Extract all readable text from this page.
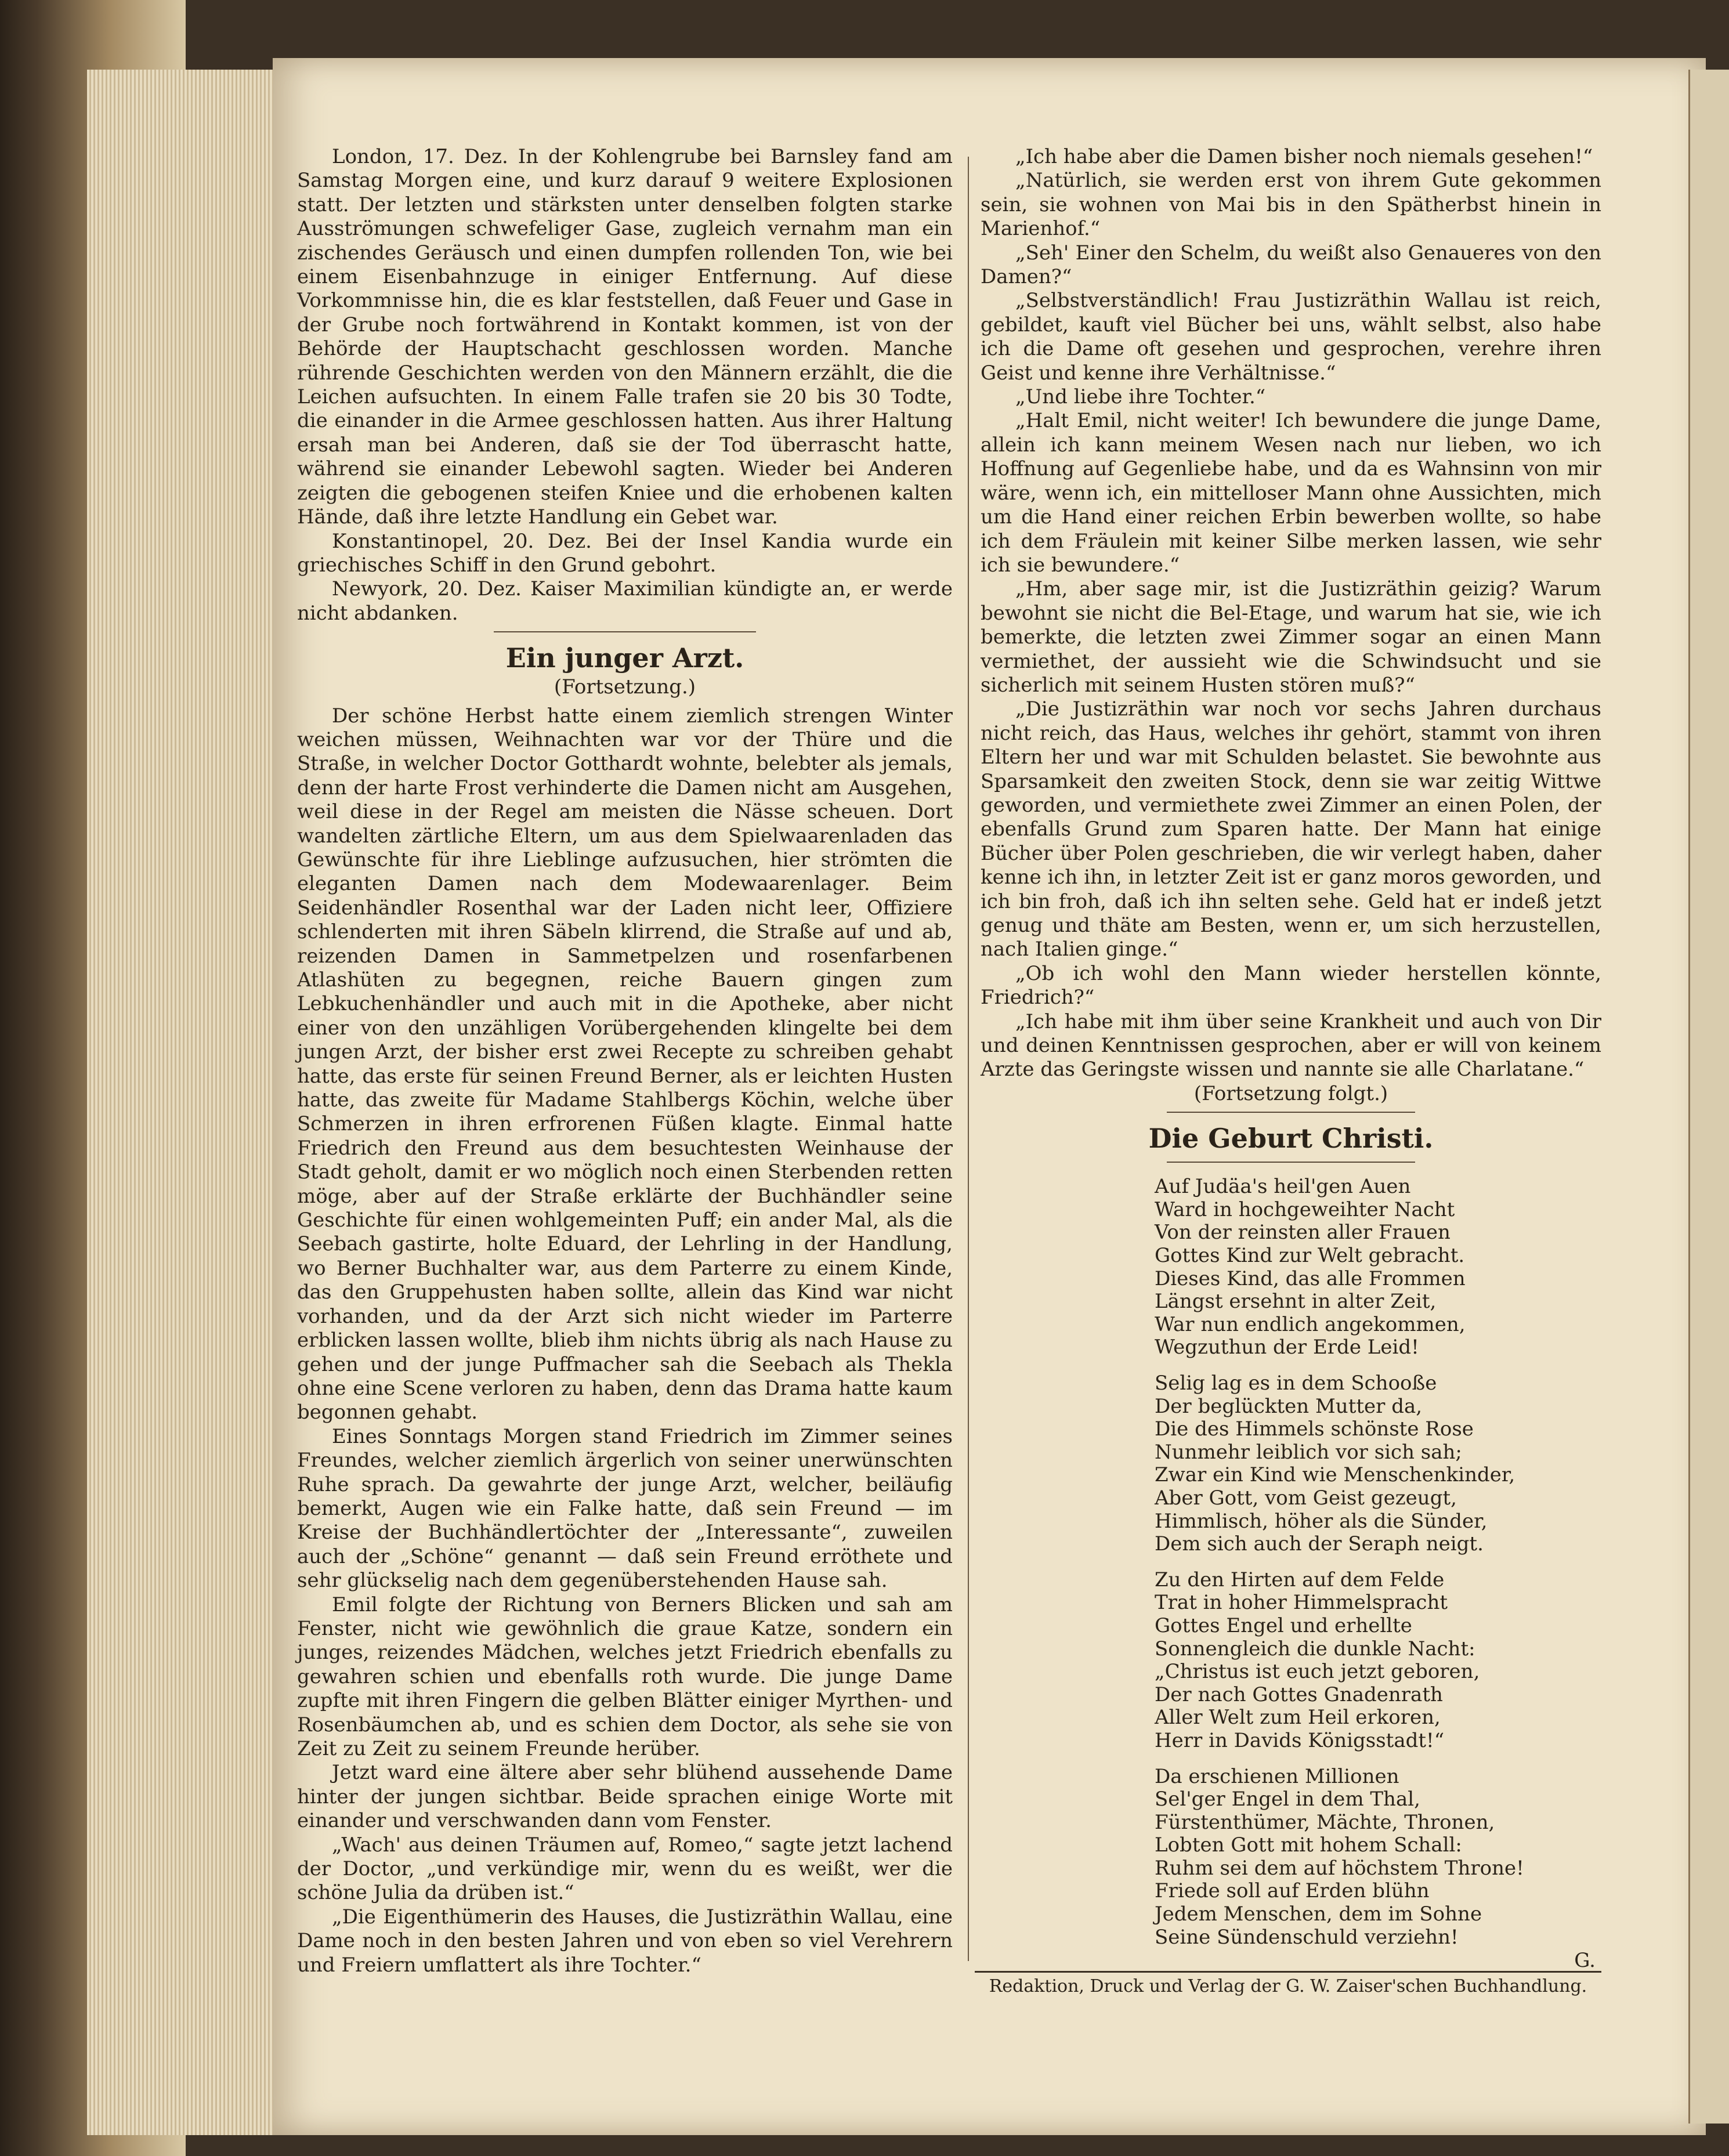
London, 17. Dez. In der Kohlengrube bei Barnsley fand am Samstag Morgen eine, und kurz darauf 9 weitere Explosionen statt. Der letzten und stärksten unter denselben folgten starke Ausströmungen schwefeliger Gase, zugleich vernahm man ein zischendes Geräusch und einen dumpfen rollenden Ton, wie bei einem Eisenbahnzuge in einiger Entfernung. Auf diese Vorkommnisse hin, die es klar feststellen, daß Feuer und Gase in der Grube noch fortwährend in Kontakt kommen, ist von der Behörde der Hauptschacht geschlossen worden. Manche rührende Geschichten werden von den Männern erzählt, die die Leichen aufsuchten. In einem Falle trafen sie 20 bis 30 Todte, die einander in die Armee geschlossen hatten. Aus ihrer Haltung ersah man bei Anderen, daß sie der Tod überrascht hatte, während sie einander Lebewohl sagten. Wieder bei Anderen zeigten die gebogenen steifen Kniee und die erhobenen kalten Hände, daß ihre letzte Handlung ein Gebet war.

Konstantinopel, 20. Dez. Bei der Insel Kandia wurde ein griechisches Schiff in den Grund gebohrt.

Newyork, 20. Dez. Kaiser Maximilian kündigte an, er werde nicht abdanken.

Ein junger Arzt.
(Fortsetzung.)

Der schöne Herbst hatte einem ziemlich strengen Winter weichen müssen, Weihnachten war vor der Thüre und die Straße, in welcher Doctor Gotthardt wohnte, belebter als jemals, denn der harte Frost verhinderte die Damen nicht am Ausgehen, weil diese in der Regel am meisten die Nässe scheuen. Dort wandelten zärtliche Eltern, um aus dem Spielwaarenladen das Gewünschte für ihre Lieblinge aufzusuchen, hier strömten die eleganten Damen nach dem Modewaarenlager. Beim Seidenhändler Rosenthal war der Laden nicht leer, Offiziere schlenderten mit ihren Säbeln klirrend, die Straße auf und ab, reizenden Damen in Sammetpelzen und rosenfarbenen Atlashüten zu begegnen, reiche Bauern gingen zum Lebkuchenhändler und auch mit in die Apotheke, aber nicht einer von den unzähligen Vorübergehenden klingelte bei dem jungen Arzt, der bisher erst zwei Recepte zu schreiben gehabt hatte, das erste für seinen Freund Berner, als er leichten Husten hatte, das zweite für Madame Stahlbergs Köchin, welche über Schmerzen in ihren erfrorenen Füßen klagte. Einmal hatte Friedrich den Freund aus dem besuchtesten Weinhause der Stadt geholt, damit er wo möglich noch einen Sterbenden retten möge, aber auf der Straße erklärte der Buchhändler seine Geschichte für einen wohlgemeinten Puff; ein ander Mal, als die Seebach gastirte, holte Eduard, der Lehrling in der Handlung, wo Berner Buchhalter war, aus dem Parterre zu einem Kinde, das den Gruppehusten haben sollte, allein das Kind war nicht vorhanden, und da der Arzt sich nicht wieder im Parterre erblicken lassen wollte, blieb ihm nichts übrig als nach Hause zu gehen und der junge Puffmacher sah die Seebach als Thekla ohne eine Scene verloren zu haben, denn das Drama hatte kaum begonnen gehabt.

Eines Sonntags Morgen stand Friedrich im Zimmer seines Freundes, welcher ziemlich ärgerlich von seiner unerwünschten Ruhe sprach. Da gewahrte der junge Arzt, welcher, beiläufig bemerkt, Augen wie ein Falke hatte, daß sein Freund — im Kreise der Buchhändlertöchter der „Interessante“, zuweilen auch der „Schöne“ genannt — daß sein Freund erröthete und sehr glückselig nach dem gegenüberstehenden Hause sah.

Emil folgte der Richtung von Berners Blicken und sah am Fenster, nicht wie gewöhnlich die graue Katze, sondern ein junges, reizendes Mädchen, welches jetzt Friedrich ebenfalls zu gewahren schien und ebenfalls roth wurde. Die junge Dame zupfte mit ihren Fingern die gelben Blätter einiger Myrthen- und Rosenbäumchen ab, und es schien dem Doctor, als sehe sie von Zeit zu Zeit zu seinem Freunde herüber.

Jetzt ward eine ältere aber sehr blühend aussehende Dame hinter der jungen sichtbar. Beide sprachen einige Worte mit einander und verschwanden dann vom Fenster.

„Wach' aus deinen Träumen auf, Romeo,“ sagte jetzt lachend der Doctor, „und verkündige mir, wenn du es weißt, wer die schöne Julia da drüben ist.“

„Die Eigenthümerin des Hauses, die Justizräthin Wallau, eine Dame noch in den besten Jahren und von eben so viel Verehrern und Freiern umflattert als ihre Tochter.“

„Ich habe aber die Damen bisher noch niemals gesehen!“

„Natürlich, sie werden erst von ihrem Gute gekommen sein, sie wohnen von Mai bis in den Spätherbst hinein in Marienhof.“

„Seh' Einer den Schelm, du weißt also Genaueres von den Damen?“

„Selbstverständlich! Frau Justizräthin Wallau ist reich, gebildet, kauft viel Bücher bei uns, wählt selbst, also habe ich die Dame oft gesehen und gesprochen, verehre ihren Geist und kenne ihre Verhältnisse.“

„Und liebe ihre Tochter.“

„Halt Emil, nicht weiter! Ich bewundere die junge Dame, allein ich kann meinem Wesen nach nur lieben, wo ich Hoffnung auf Gegenliebe habe, und da es Wahnsinn von mir wäre, wenn ich, ein mittelloser Mann ohne Aussichten, mich um die Hand einer reichen Erbin bewerben wollte, so habe ich dem Fräulein mit keiner Silbe merken lassen, wie sehr ich sie bewundere.“

„Hm, aber sage mir, ist die Justizräthin geizig? Warum bewohnt sie nicht die Bel-Etage, und warum hat sie, wie ich bemerkte, die letzten zwei Zimmer sogar an einen Mann vermiethet, der aussieht wie die Schwindsucht und sie sicherlich mit seinem Husten stören muß?“

„Die Justizräthin war noch vor sechs Jahren durchaus nicht reich, das Haus, welches ihr gehört, stammt von ihren Eltern her und war mit Schulden belastet. Sie bewohnte aus Sparsamkeit den zweiten Stock, denn sie war zeitig Wittwe geworden, und vermiethete zwei Zimmer an einen Polen, der ebenfalls Grund zum Sparen hatte. Der Mann hat einige Bücher über Polen geschrieben, die wir verlegt haben, daher kenne ich ihn, in letzter Zeit ist er ganz moros geworden, und ich bin froh, daß ich ihn selten sehe. Geld hat er indeß jetzt genug und thäte am Besten, wenn er, um sich herzustellen, nach Italien ginge.“

„Ob ich wohl den Mann wieder herstellen könnte, Friedrich?“

„Ich habe mit ihm über seine Krankheit und auch von Dir und deinen Kenntnissen gesprochen, aber er will von keinem Arzte das Geringste wissen und nannte sie alle Charlatane.“

(Fortsetzung folgt.)

Die Geburt Christi.
Auf Judäa's heil'gen Auen
Ward in hochgeweihter Nacht
Von der reinsten aller Frauen
Gottes Kind zur Welt gebracht.
Dieses Kind, das alle Frommen
Längst ersehnt in alter Zeit,
War nun endlich angekommen,
Wegzuthun der Erde Leid!
Selig lag es in dem Schooße
Der beglückten Mutter da,
Die des Himmels schönste Rose
Nunmehr leiblich vor sich sah;
Zwar ein Kind wie Menschenkinder,
Aber Gott, vom Geist gezeugt,
Himmlisch, höher als die Sünder,
Dem sich auch der Seraph neigt.
Zu den Hirten auf dem Felde
Trat in hoher Himmelspracht
Gottes Engel und erhellte
Sonnengleich die dunkle Nacht:
„Christus ist euch jetzt geboren,
Der nach Gottes Gnadenrath
Aller Welt zum Heil erkoren,
Herr in Davids Königsstadt!“
Da erschienen Millionen
Sel'ger Engel in dem Thal,
Fürstenthümer, Mächte, Thronen,
Lobten Gott mit hohem Schall:
Ruhm sei dem auf höchstem Throne!
Friede soll auf Erden blühn
Jedem Menschen, dem im Sohne
Seine Sündenschuld verziehn!
G.
Redaktion, Druck und Verlag der G. W. Zaiser'schen Buchhandlung.
